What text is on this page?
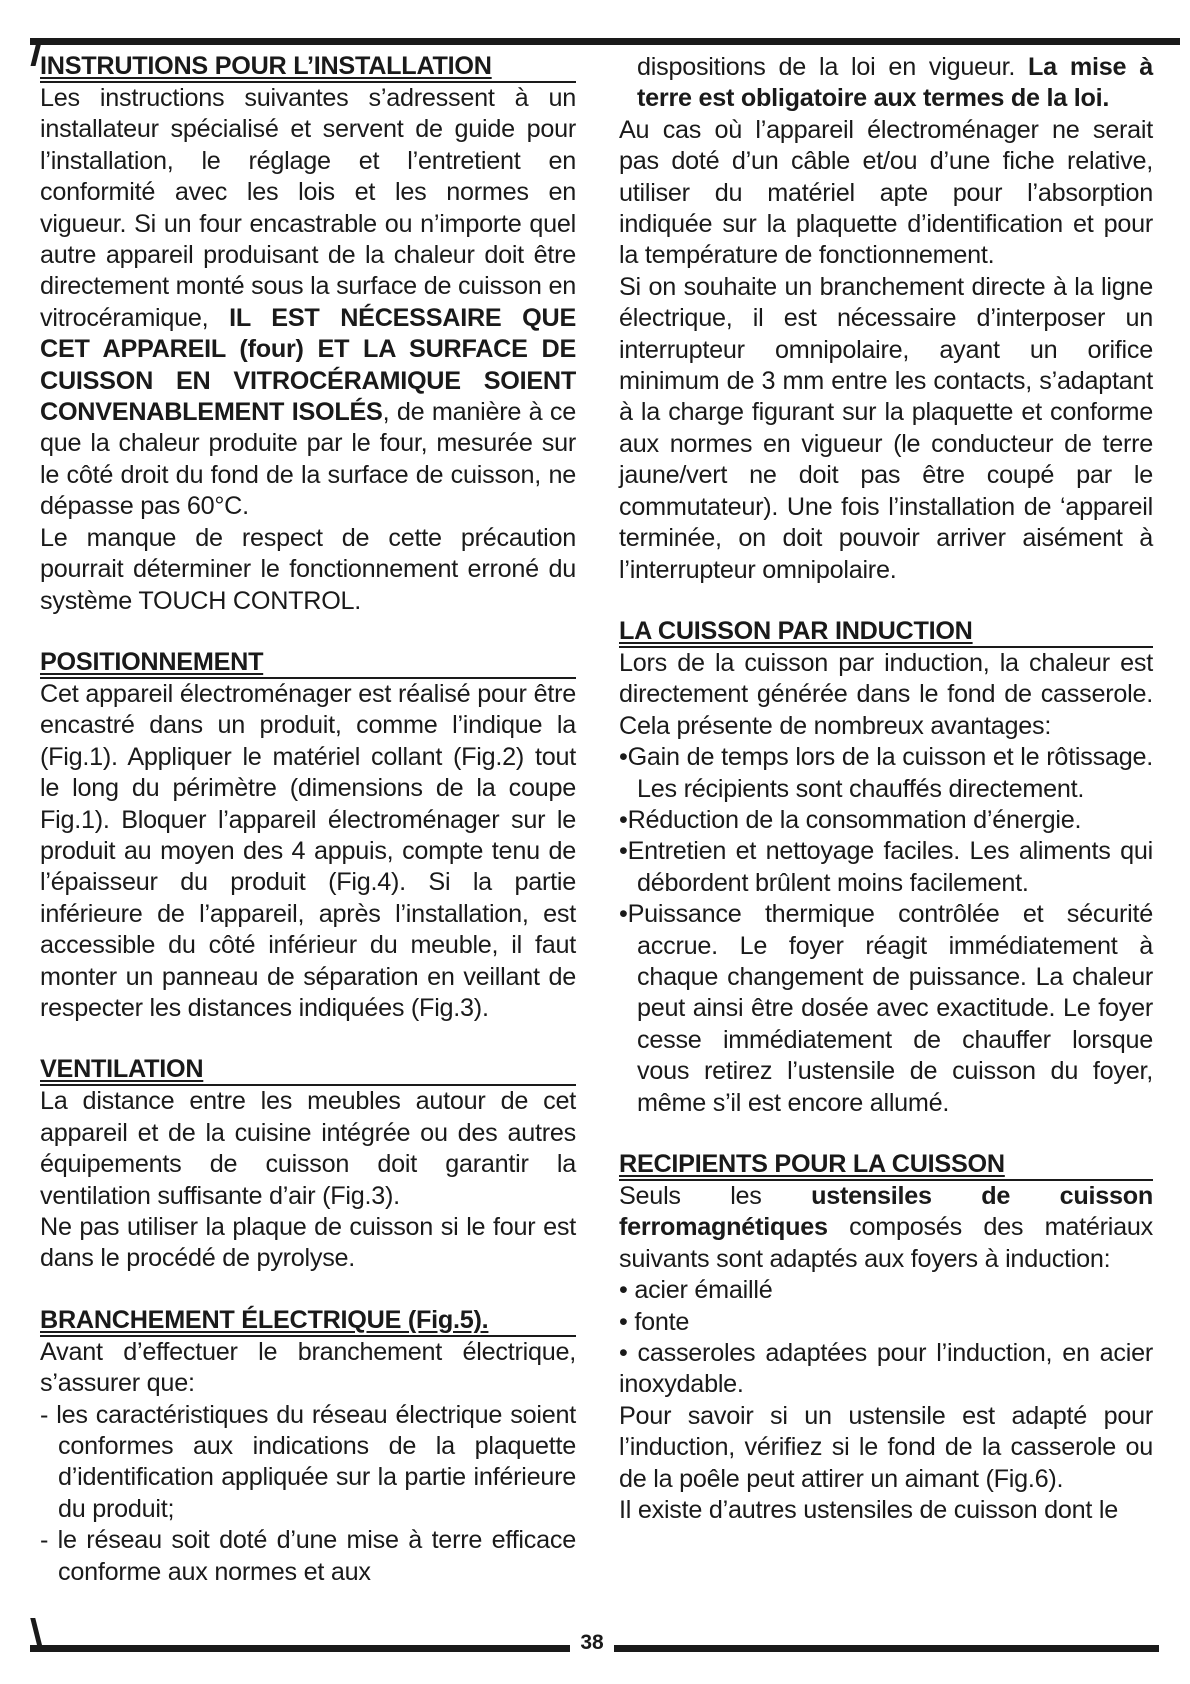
38

INSTRUTIONS POUR L’INSTALLATION

Les instructions suivantes s’adressent à un installateur spécialisé et servent de guide pour l’installation, le réglage et l’entretient en conformité avec les lois et les normes en vigueur. Si un four encastrable ou n’importe quel autre appareil produisant de la chaleur doit être directement monté sous la surface de cuisson en vitrocéramique, IL EST NÉCESSAIRE QUE CET APPAREIL (four) ET LA SURFACE DE CUISSON EN VITROCÉRAMIQUE SOIENT CONVENABLEMENT ISOLÉS, de manière à ce que la chaleur produite par le four, mesurée sur le côté droit du fond de la surface de cuisson, ne dépasse pas 60°C.

Le manque de respect de cette précaution pourrait déterminer le fonctionnement erroné du système TOUCH CONTROL.

POSITIONNEMENT

Cet appareil électroménager est réalisé pour être encastré dans un produit, comme l’indique la (Fig.1). Appliquer le matériel collant (Fig.2) tout le long du périmètre (dimensions de la coupe Fig.1). Bloquer l’appareil électroménager sur le produit au moyen des 4 appuis, compte tenu de l’épaisseur du produit (Fig.4). Si la partie inférieure de l’appareil, après l’installation, est accessible du côté inférieur du meuble, il faut monter un panneau de séparation en veillant de respecter les distances indiquées (Fig.3).

VENTILATION

La distance entre les meubles autour de cet appareil et de la cuisine intégrée ou des autres équipements de cuisson doit garantir la ventilation suffisante d’air (Fig.3).

Ne pas utiliser la plaque de cuisson si le four est dans le procédé de pyrolyse.

BRANCHEMENT ÉLECTRIQUE (Fig.5).

Avant d’effectuer le branchement électrique, s’assurer que:

- les caractéristiques du réseau électrique soient conformes aux indications de la plaquette d’identification appliquée sur la partie inférieure du produit;

- le réseau soit doté d’une mise à terre efficace conforme aux normes et aux

dispositions de la loi en vigueur. La mise à terre est obligatoire aux termes de la loi.

Au cas où l’appareil électroménager ne serait pas doté d’un câble et/ou d’une fiche relative, utiliser du matériel apte pour l’absorption indiquée sur la plaquette d’identification et pour la température de fonctionnement.

Si on souhaite un branchement directe à la ligne électrique, il est nécessaire d’interposer un interrupteur omnipolaire, ayant un orifice minimum de 3 mm entre les contacts, s’adaptant à la charge figurant sur la plaquette et conforme aux normes en vigueur (le conducteur de terre jaune/vert ne doit pas être coupé par le commutateur). Une fois l’installation de ‘appareil terminée, on doit pouvoir arriver aisément à l’interrupteur omnipolaire.

LA CUISSON PAR INDUCTION

Lors de la cuisson par induction, la chaleur est directement générée dans le fond de casserole. Cela présente de nombreux avantages:

•Gain de temps lors de la cuisson et le rôtissage. Les récipients sont chauffés directement.

•Réduction de la consommation d’énergie.

•Entretien et nettoyage faciles. Les aliments qui débordent brûlent moins facilement.

•Puissance thermique contrôlée et sécurité accrue. Le foyer réagit immédiatement à chaque changement de puissance. La chaleur peut ainsi être dosée avec exactitude. Le foyer cesse immédiatement de chauffer lorsque vous retirez l’ustensile de cuisson du foyer, même s’il est encore allumé.

RECIPIENTS POUR LA CUISSON

Seuls les ustensiles de cuisson ferromagnétiques composés des matériaux suivants sont adaptés aux foyers à induction:

• acier émaillé

• fonte

• casseroles adaptées pour l’induction, en acier inoxydable.

Pour savoir si un ustensile est adapté pour l’induction, vérifiez si le fond de la casserole ou de la poêle peut attirer un aimant (Fig.6).

Il existe d’autres ustensiles de cuisson dont le
